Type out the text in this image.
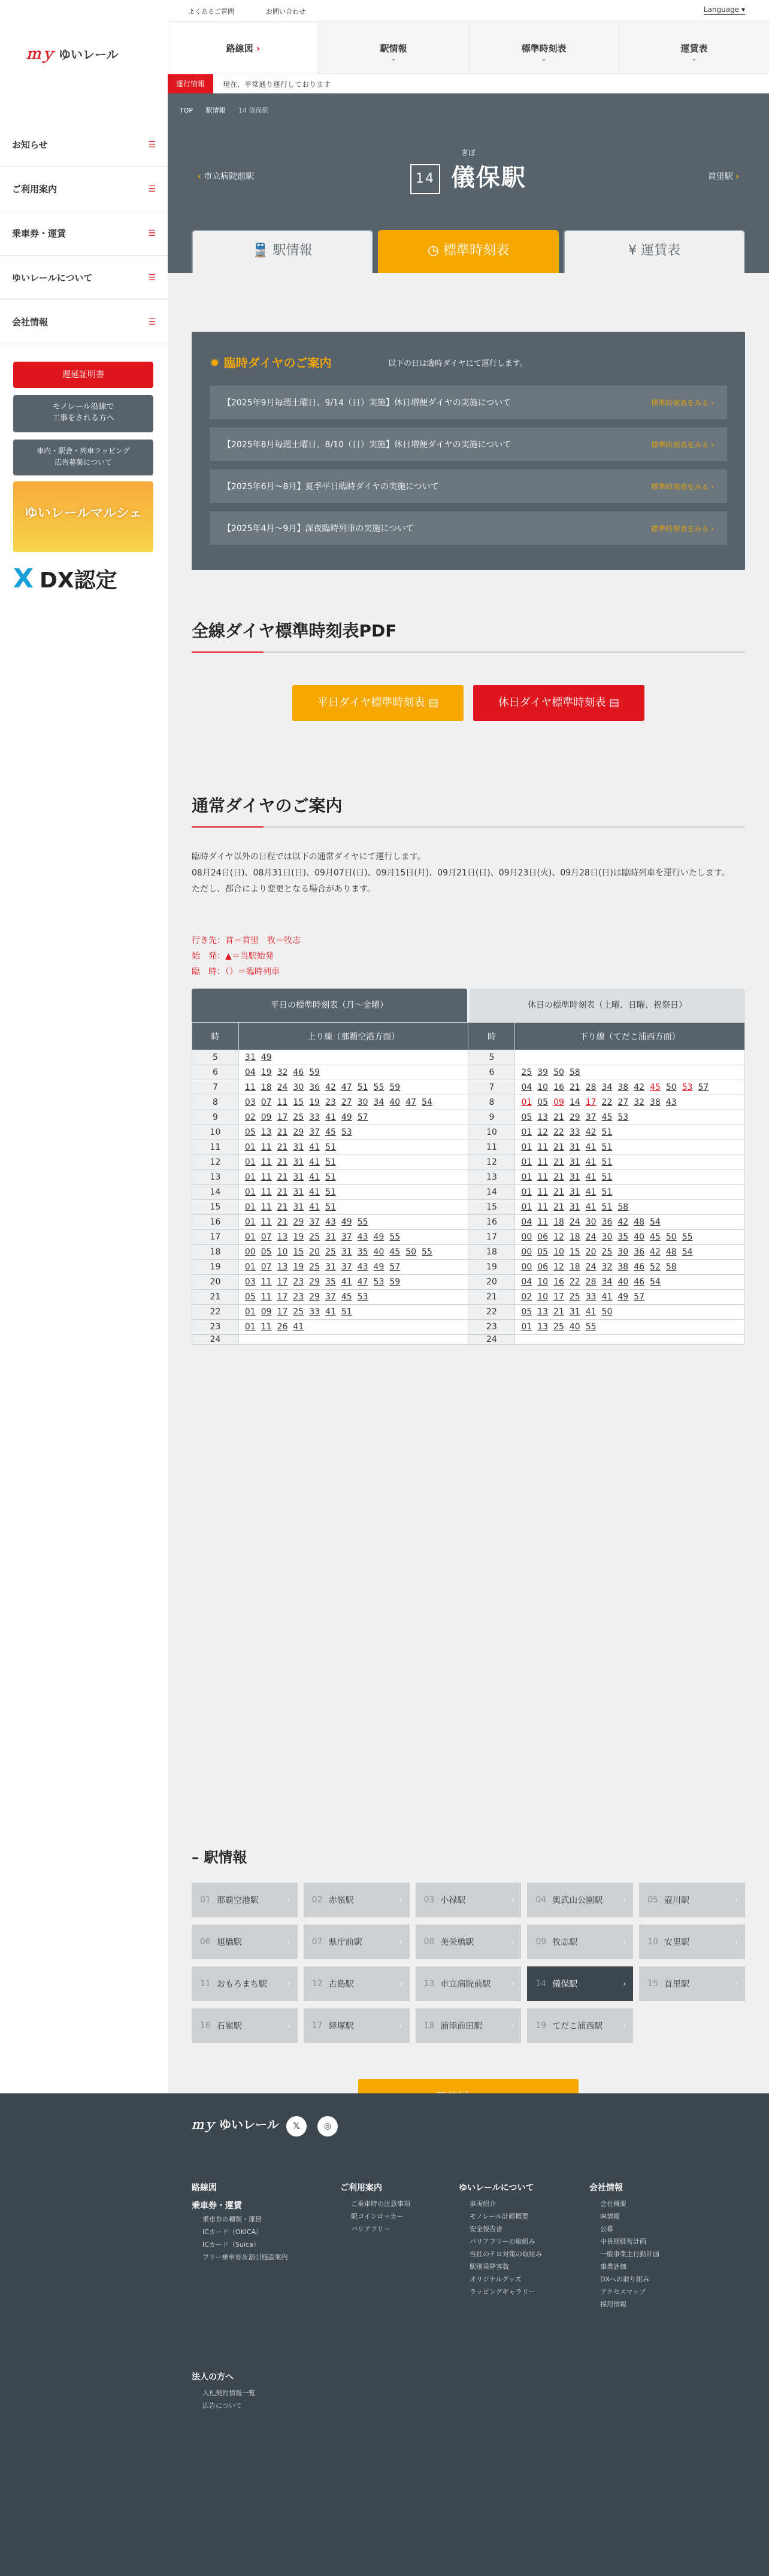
よくあるご質問	お問い合わせ	Language ▾
ｍｙ ゆいレール
お知らせ	☰
ご利用案内	☰
乗車券・運賃	☰
ゆいレールについて	☰
会社情報	☰
遅延証明書
モノレール沿線で
工事をされる方へ
車内・駅舎・列車ラッピング
広告募集について
ゆいレールマルシェ
X DX認定
路線図 ›	駅情報
⌄
標準時刻表
⌄
運賃表
⌄
運行情報	現在、平常通り運行しております
TOP 駅情報 14 儀保駅
ぎぼ
14 儀保駅
‹ 市立病院前駅	首里駅 ›
🚆 駅情報	◷ 標準時刻表	¥ 運賃表
✹ 臨時ダイヤのご案内	以下の日は臨時ダイヤにて運行します。
【2025年9月毎週土曜日、9/14（日）実施】休日増便ダイヤの実施について	標準時刻表をみる ›
【2025年8月毎週土曜日、8/10（日）実施】休日増便ダイヤの実施について	標準時刻表をみる ›
【2025年6月～8月】夏季平日臨時ダイヤの実施について	標準時刻表をみる ›
【2025年4月～9月】深夜臨時列車の実施について	標準時刻表をみる ›
全線ダイヤ標準時刻表PDF
平日ダイヤ標準時刻表 ▤	休日ダイヤ標準時刻表 ▤
通常ダイヤのご案内
臨時ダイヤ以外の日程では以下の通常ダイヤにて運行します。
08月24日(日)、08月31日(日)、09月07日(日)、09月15日(月)、09月21日(日)、09月23日(火)、09月28日(日)は臨時列車を運行いたします。
ただし、都合により変更となる場合があります。
行き先：首＝首里　牧＝牧志
始　発：▲＝当駅始発
臨　時：（）＝臨時列車
平日の標準時刻表（月〜金曜）	休日の標準時刻表（土曜、日曜、祝祭日）
時	上り線（那覇空港方面）	時	下り線（てだこ浦西方面）
5	31 49	5	
6	04 19 32 46 59	6	25 39 50 58
7	11 18 24 30 36 42 47 51 55 59	7	04 10 16 21 28 34 38 42 45 50 53 57
8	03 07 11 15 19 23 27 30 34 40 47 54	8	01 05 09 14 17 22 27 32 38 43
9	02 09 17 25 33 41 49 57	9	05 13 21 29 37 45 53
10	05 13 21 29 37 45 53	10	01 12 22 33 42 51
11	01 11 21 31 41 51	11	01 11 21 31 41 51
12	01 11 21 31 41 51	12	01 11 21 31 41 51
13	01 11 21 31 41 51	13	01 11 21 31 41 51
14	01 11 21 31 41 51	14	01 11 21 31 41 51
15	01 11 21 31 41 51	15	01 11 21 31 41 51 58
16	01 11 21 29 37 43 49 55	16	04 11 18 24 30 36 42 48 54
17	01 07 13 19 25 31 37 43 49 55	17	00 06 12 18 24 30 35 40 45 50 55
18	00 05 10 15 20 25 31 35 40 45 50 55	18	00 05 10 15 20 25 30 36 42 48 54
19	01 07 13 19 25 31 37 43 49 57	19	00 06 12 18 24 32 38 46 52 58
20	03 11 17 23 29 35 41 47 53 59	20	04 10 16 22 28 34 40 46 54
21	05 11 17 23 29 37 45 53	21	02 10 17 25 33 41 49 57
22	01 09 17 25 33 41 51	22	05 13 21 31 41 50
23	01 11 26 41	23	01 13 25 40 55
24		24	
– 駅情報
01 那覇空港駅	›	02 赤嶺駅	›	03 小禄駅	›	04 奥武山公園駅	›	05 壺川駅	›
06 旭橋駅	›	07 県庁前駅	›	08 美栄橋駅	›	09 牧志駅	›	10 安里駅	›
11 おもろまち駅	›	12 古島駅	›	13 市立病院前駅	›	14 儀保駅	›	15 首里駅	›
16 石嶺駅	›	17 経塚駅	›	18 浦添前田駅	›	19 てだこ浦西駅	›
ｍｙ ゆいレール	𝕏	◎
路線図
乗車券・運賃
乗車券の種類・運賃
ICカード（OKICA）
ICカード（Suica）
フリー乗車券＆割引施設案内
法人の方へ
入札契約情報一覧
広告について
ご利用案内
ご乗車時の注意事項
駅コインロッカー
バリアフリー
ゆいレールについて
車両紹介
モノレール計画概要
安全報告書
バリアフリーの取組み
当社のテロ対策の取組み
駅別乗降客数
オリジナルグッズ
ラッピングギャラリー
会社情報
会社概要
IR情報
公募
中長期経営計画
一般事業主行動計画
事業評価
DXへの取り組み
アクセスマップ
採用情報
